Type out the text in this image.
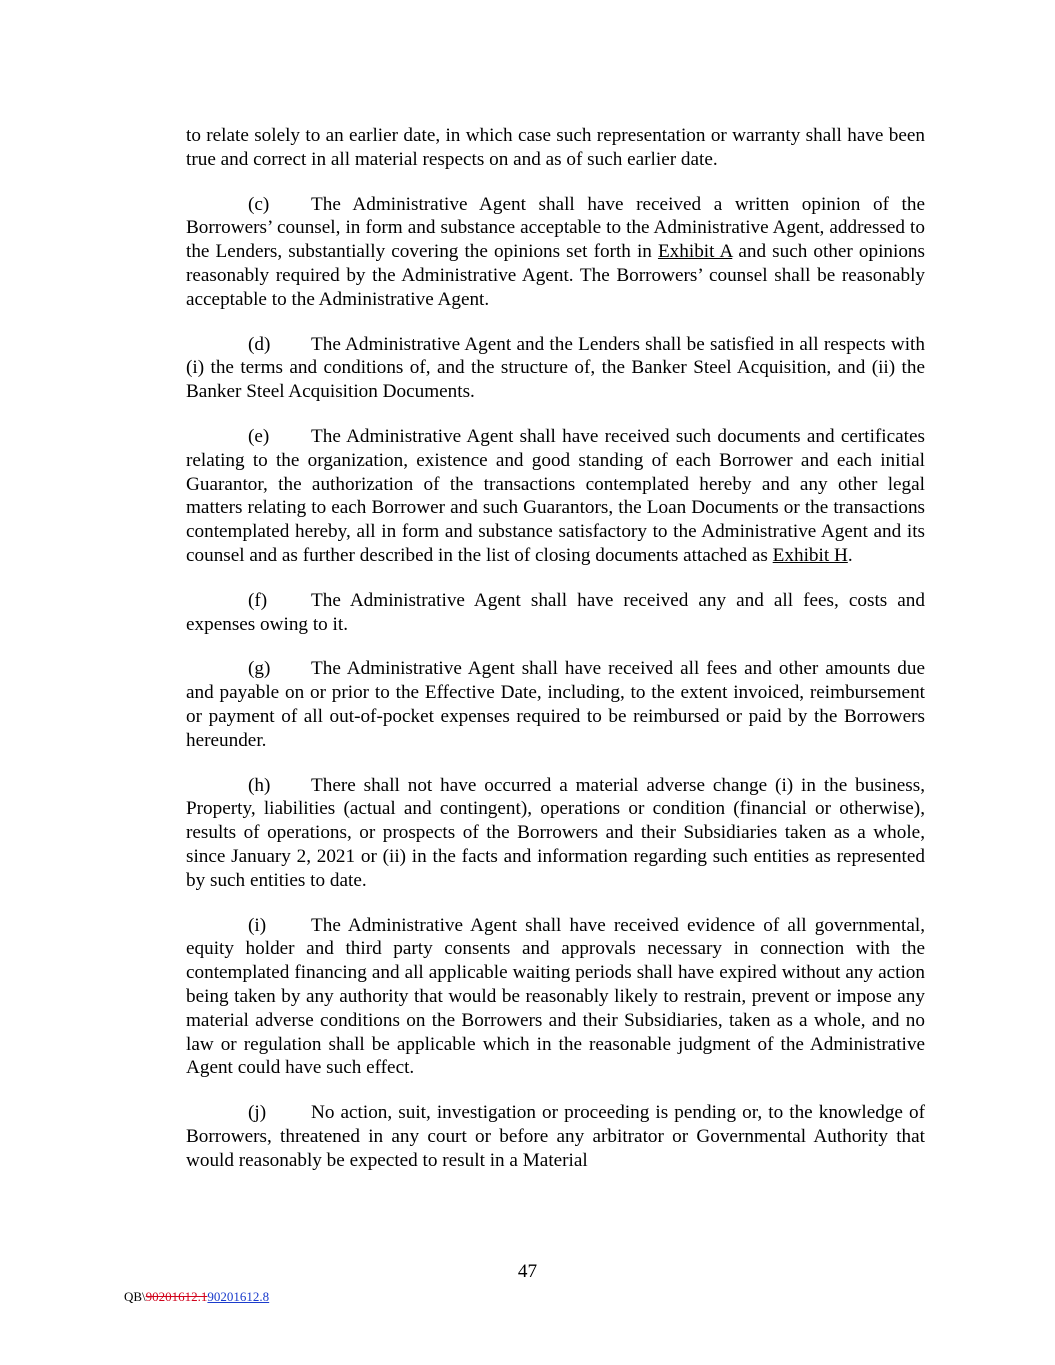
to relate solely to an earlier date, in which case such representation or warranty shall have been true and correct in all material respects on and as of such earlier date.

(c) The Administrative Agent shall have received a written opinion of the Borrowers’ counsel, in form and substance acceptable to the Administrative Agent, addressed to the Lenders, substantially covering the opinions set forth in Exhibit A and such other opinions reasonably required by the Administrative Agent. The Borrowers’ counsel shall be reasonably acceptable to the Administrative Agent.

(d) The Administrative Agent and the Lenders shall be satisfied in all respects with (i) the terms and conditions of, and the structure of, the Banker Steel Acquisition, and (ii) the Banker Steel Acquisition Documents.

(e) The Administrative Agent shall have received such documents and certificates relating to the organization, existence and good standing of each Borrower and each initial Guarantor, the authorization of the transactions contemplated hereby and any other legal matters relating to each Borrower and such Guarantors, the Loan Documents or the transactions contemplated hereby, all in form and substance satisfactory to the Administrative Agent and its counsel and as further described in the list of closing documents attached as Exhibit H.

(f) The Administrative Agent shall have received any and all fees, costs and expenses owing to it.

(g) The Administrative Agent shall have received all fees and other amounts due and payable on or prior to the Effective Date, including, to the extent invoiced, reimbursement or payment of all out-of-pocket expenses required to be reimbursed or paid by the Borrowers hereunder.

(h) There shall not have occurred a material adverse change (i) in the business, Property, liabilities (actual and contingent), operations or condition (financial or otherwise), results of operations, or prospects of the Borrowers and their Subsidiaries taken as a whole, since January 2, 2021 or (ii) in the facts and information regarding such entities as represented by such entities to date.

(i) The Administrative Agent shall have received evidence of all governmental, equity holder and third party consents and approvals necessary in connection with the contemplated financing and all applicable waiting periods shall have expired without any action being taken by any authority that would be reasonably likely to restrain, prevent or impose any material adverse conditions on the Borrowers and their Subsidiaries, taken as a whole, and no law or regulation shall be applicable which in the reasonable judgment of the Administrative Agent could have such effect.

(j) No action, suit, investigation or proceeding is pending or, to the knowledge of Borrowers, threatened in any court or before any arbitrator or Governmental Authority that would reasonably be expected to result in a Material

47
QB\90201612.190201612.8
